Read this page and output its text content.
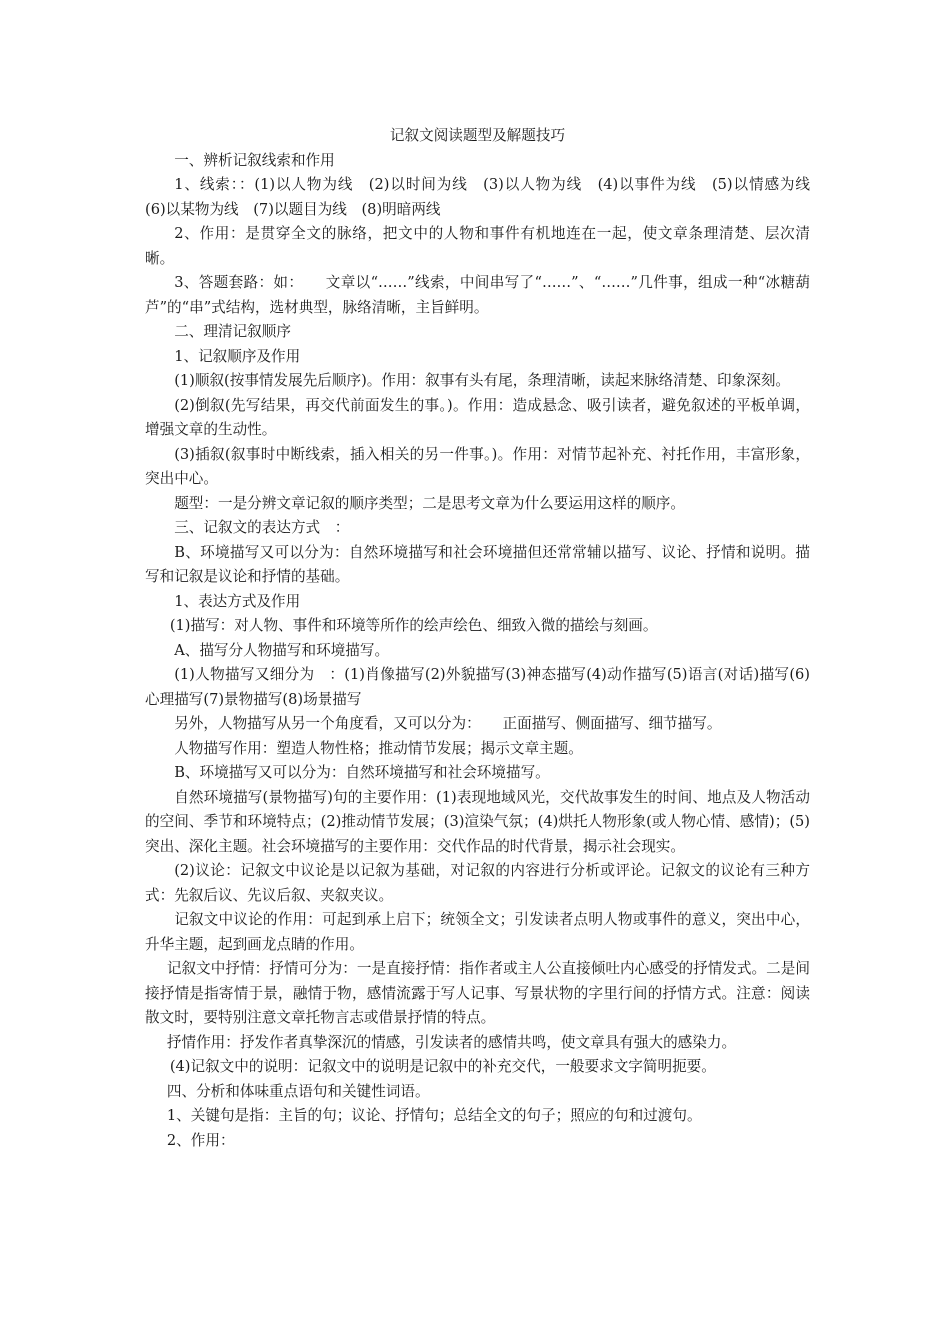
记叙文阅读题型及解题技巧

一、辨析记叙线索和作用

1、线索：：(1)以人物为线　(2)以时间为线　(3)以人物为线　(4)以事件为线　(5)以情感为线　(6)以某物为线　(7)以题目为线　(8)明暗两线

2、作用：是贯穿全文的脉络，把文中的人物和事件有机地连在一起，使文章条理清楚、层次清晰。

3、答题套路：如：　　文章以“……”线索，中间串写了“……”、“……”几件事，组成一种“冰糖葫芦”的“串”式结构，选材典型，脉络清晰，主旨鲜明。

二、理清记叙顺序

1、记叙顺序及作用

(1)顺叙(按事情发展先后顺序)。作用：叙事有头有尾，条理清晰，读起来脉络清楚、印象深刻。

(2)倒叙(先写结果，再交代前面发生的事。)。作用：造成悬念、吸引读者，避免叙述的平板单调，增强文章的生动性。

(3)插叙(叙事时中断线索，插入相关的另一件事。)。作用：对情节起补充、衬托作用，丰富形象，突出中心。

题型：一是分辨文章记叙的顺序类型；二是思考文章为什么要运用这样的顺序。

三、记叙文的表达方式　：

B、环境描写又可以分为：自然环境描写和社会环境描但还常常辅以描写、议论、抒情和说明。描写和记叙是议论和抒情的基础。

1、表达方式及作用

(1)描写：对人物、事件和环境等所作的绘声绘色、细致入微的描绘与刻画。

A、描写分人物描写和环境描写。

(1)人物描写又细分为　：(1)肖像描写(2)外貌描写(3)神态描写(4)动作描写(5)语言(对话)描写(6)心理描写(7)景物描写(8)场景描写

另外，人物描写从另一个角度看，又可以分为：　　正面描写、侧面描写、细节描写。

人物描写作用：塑造人物性格；推动情节发展；揭示文章主题。

B、环境描写又可以分为：自然环境描写和社会环境描写。

自然环境描写(景物描写)句的主要作用：(1)表现地域风光，交代故事发生的时间、地点及人物活动的空间、季节和环境特点；(2)推动情节发展；(3)渲染气氛；(4)烘托人物形象(或人物心情、感情)；(5)突出、深化主题。社会环境描写的主要作用：交代作品的时代背景，揭示社会现实。

(2)议论：记叙文中议论是以记叙为基础，对记叙的内容进行分析或评论。记叙文的议论有三种方式：先叙后议、先议后叙、夹叙夹议。

记叙文中议论的作用：可起到承上启下；统领全文；引发读者点明人物或事件的意义，突出中心，升华主题，起到画龙点睛的作用。

记叙文中抒情：抒情可分为：一是直接抒情：指作者或主人公直接倾吐内心感受的抒情发式。二是间接抒情是指寄情于景，融情于物，感情流露于写人记事、写景状物的字里行间的抒情方式。注意：阅读散文时，要特别注意文章托物言志或借景抒情的特点。

抒情作用：抒发作者真挚深沉的情感，引发读者的感情共鸣，使文章具有强大的感染力。

(4)记叙文中的说明：记叙文中的说明是记叙中的补充交代，一般要求文字简明扼要。

四、分析和体味重点语句和关键性词语。

1、关键句是指：主旨的句；议论、抒情句；总结全文的句子；照应的句和过渡句。

2、作用：
